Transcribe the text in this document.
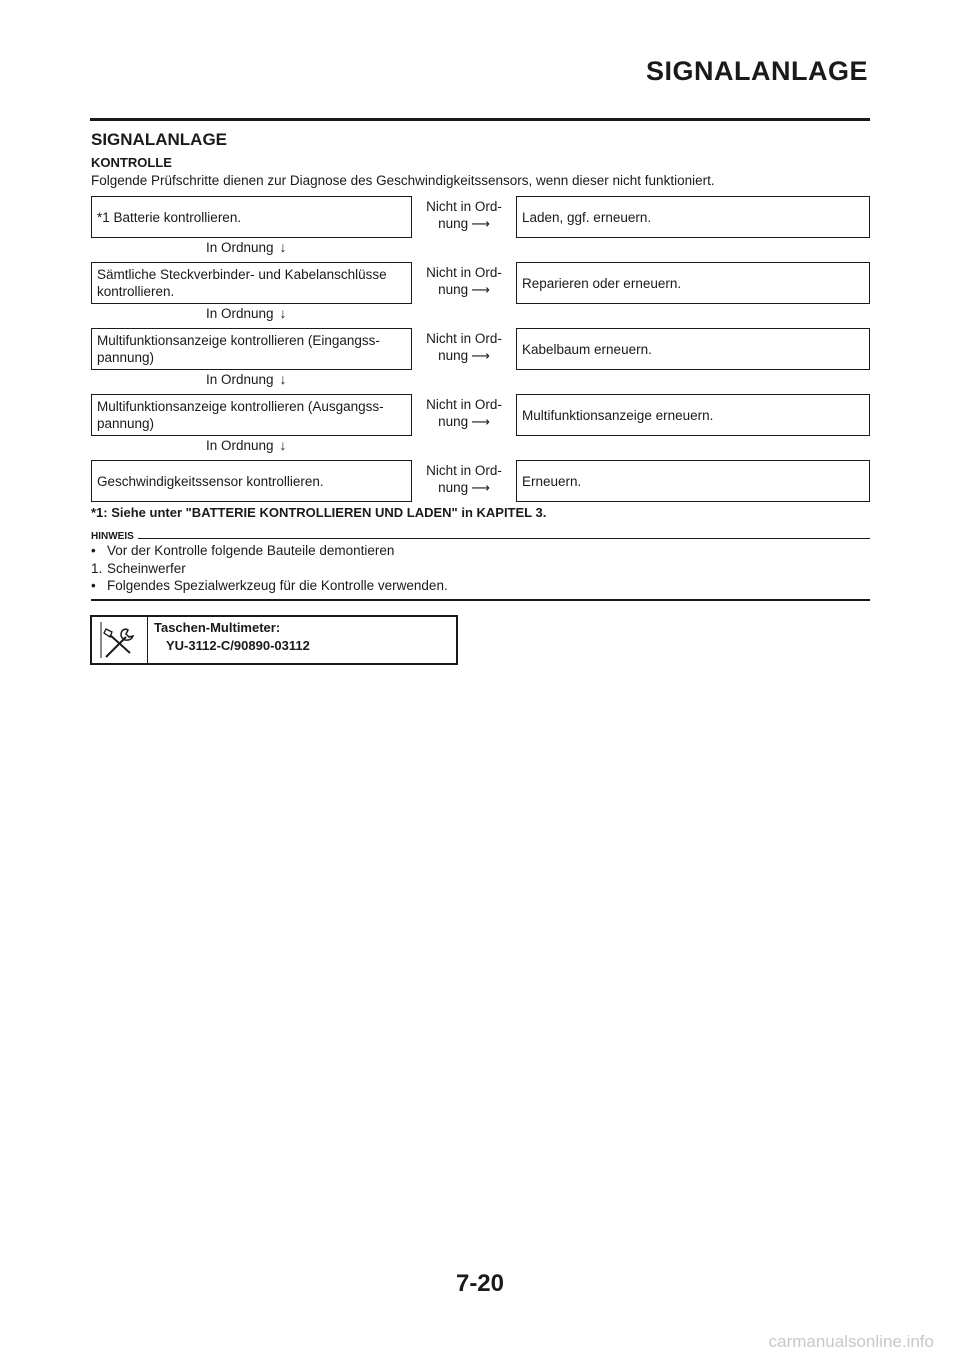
SIGNALANLAGE
SIGNALANLAGE
KONTROLLE
Folgende Prüfschritte dienen zur Diagnose des Geschwindigkeitssensors, wenn dieser nicht funktioniert.
*1 Batterie kontrollieren.
Nicht in Ord-
nung ⟶	Laden, ggf. erneuern.
In Ordnung ↓
Sämtliche Steckverbinder- und Kabelanschlüsse
kontrollieren.
Nicht in Ord-
nung ⟶	Reparieren oder erneuern.
In Ordnung ↓
Multifunktionsanzeige kontrollieren (Eingangss-
pannung)
Nicht in Ord-
nung ⟶	Kabelbaum erneuern.
In Ordnung ↓
Multifunktionsanzeige kontrollieren (Ausgangss-
pannung)
Nicht in Ord-
nung ⟶	Multifunktionsanzeige erneuern.
In Ordnung ↓
Geschwindigkeitssensor kontrollieren.
Nicht in Ord-
nung ⟶	Erneuern.
*1: Siehe unter "BATTERIE KONTROLLIEREN UND LADEN" in KAPITEL 3.
HINWEIS
• Vor der Kontrolle folgende Bauteile demontieren
1. Scheinwerfer
• Folgendes Spezialwerkzeug für die Kontrolle verwenden.
Taschen-Multimeter:
YU-3112-C/90890-03112
7-20
carmanualsonline.info
